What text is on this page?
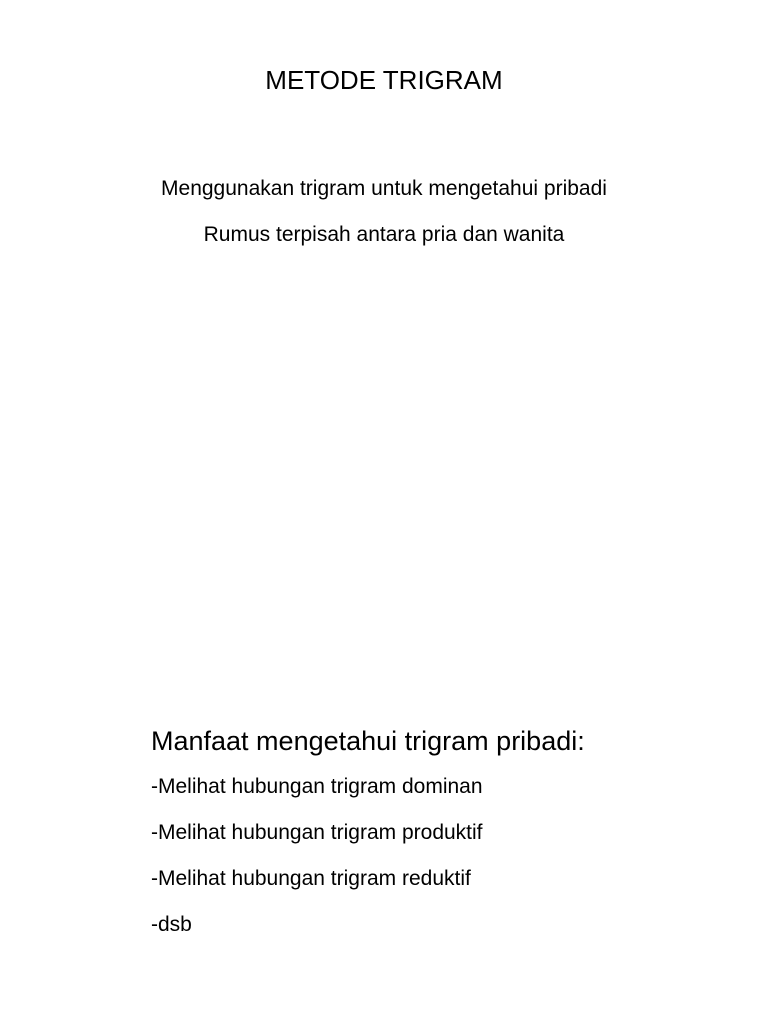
METODE TRIGRAM

Menggunakan trigram untuk mengetahui pribadi

Rumus terpisah antara pria dan wanita

Manfaat mengetahui trigram pribadi:
-Melihat hubungan trigram dominan
-Melihat hubungan trigram produktif
-Melihat hubungan trigram reduktif
-dsb
